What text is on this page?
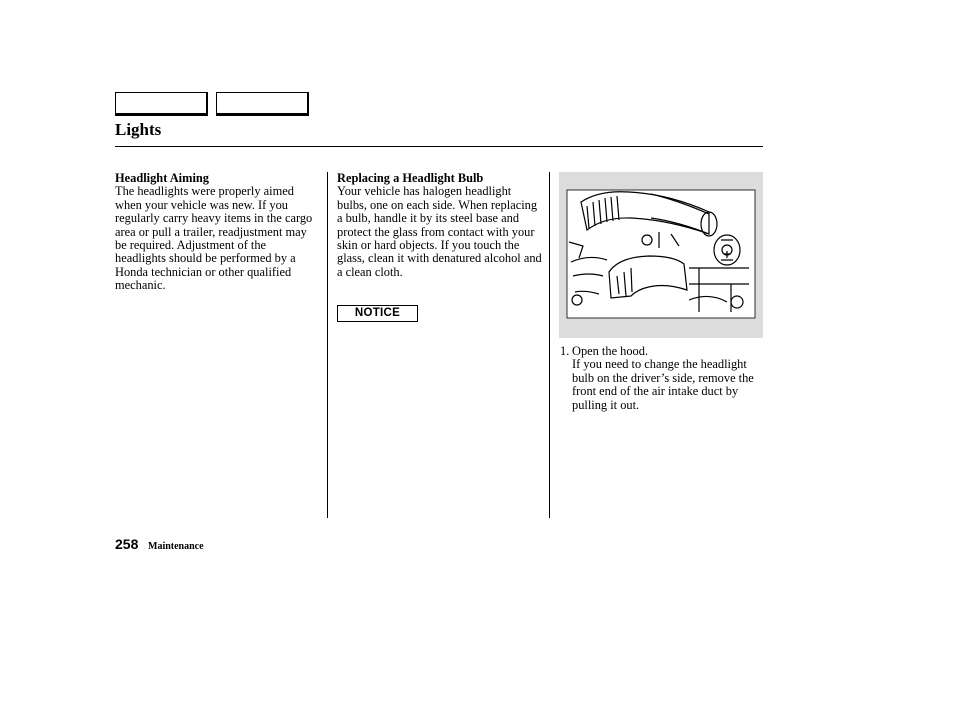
Lights
Headlight Aiming
The headlights were properly aimed when your vehicle was new. If you regularly carry heavy items in the cargo area or pull a trailer, readjustment may be required. Adjustment of the headlights should be performed by a Honda technician or other qualified mechanic.
Replacing a Headlight Bulb
Your vehicle has halogen headlight bulbs, one on each side. When replacing a bulb, handle it by its steel base and protect the glass from contact with your skin or hard objects. If you touch the glass, clean it with denatured alcohol and a clean cloth.
NOTICE
1. Open the hood.
If you need to change the headlight bulb on the driver’s side, remove the front end of the air intake duct by pulling it out.
258 Maintenance
